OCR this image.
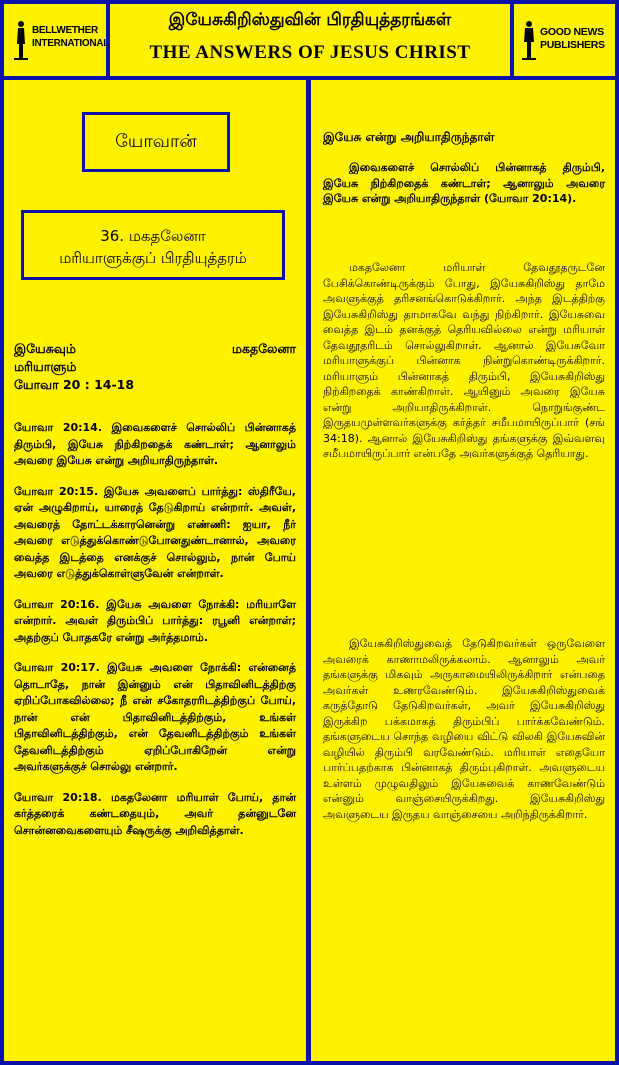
BELLWETHER
INTERNATIONAL
இயேசுகிறிஸ்துவின் பிரதியுத்தரங்கள்
THE ANSWERS OF JESUS CHRIST
GOOD NEWS
PUBLISHERS
யோவான்
36. மகதலேனா
மரியாளுக்குப் பிரதியுத்தரம்
இயேசுவும்	மகதலேனா
மரியாளும்
யோவா 20 : 14-18

யோவா 20:14. இவைகளைச் சொல்லிப் பின்னாகத் திரும்பி, இயேசு நிற்கிறதைக் கண்டாள்; ஆனாலும் அவரை இயேசு என்று அறியாதிருந்தாள்.

யோவா 20:15. இயேசு அவளைப் பார்த்து: ஸ்திரீயே, ஏன் அழுகிறாய், யாரைத் தேடுகிறாய் என்றார். அவள், அவரைத் தோட்டக்காரனென்று எண்ணி: ஐயா, நீர் அவரை எடுத்துக்கொண்டுபோனதுண்டானால், அவரை வைத்த இடத்தை எனக்குச் சொல்லும், நான் போய் அவரை எடுத்துக்கொள்ளுவேன் என்றாள்.

யோவா 20:16. இயேசு அவளை நோக்கி: மரியாளே என்றார். அவள் திரும்பிப் பார்த்து: ரபூனி என்றாள்; அதற்குப் போதகரே என்று அர்த்தமாம்.

யோவா 20:17. இயேசு அவளை நோக்கி: என்னைத் தொடாதே, நான் இன்னும் என் பிதாவினிடத்திற்கு ஏறிப்போகவில்லை; நீ என் சகோதரரிடத்திற்குப் போய், நான் என் பிதாவினிடத்திற்கும், உங்கள் பிதாவினிடத்திற்கும், என் தேவனிடத்திற்கும் உங்கள் தேவனிடத்திற்கும் ஏறிப்போகிறேன் என்று அவர்களுக்குச் சொல்லு என்றார்.

யோவா 20:18. மகதலேனா மரியாள் போய், தான் கர்த்தரைக் கண்டதையும், அவர் தன்னுடனே சொன்னவைகளையும் சீஷருக்கு அறிவித்தாள்.

இயேசு என்று அறியாதிருந்தாள்
இவைகளைச் சொல்லிப் பின்னாகத் திரும்பி, இயேசு நிற்கிறதைக் கண்டாள்; ஆனாலும் அவரை இயேசு என்று அறியாதிருந்தாள் (யோவா 20:14).
மகதலேனா மரியாள் தேவதூதருடனே பேசிக்கொண்டிருக்கும் போது, இயேசுகிறிஸ்து தாமே அவளுக்குத் தரிசனங்கொடுக்கிறார். அந்த இடத்திற்கு இயேசுகிறிஸ்து தாமாகவே வந்து நிற்கிறார். இயேசுவை வைத்த இடம் தனக்குத் தெரியவில்லை என்று மரியாள் தேவதூதரிடம் சொல்லுகிறாள். ஆனால் இயேசுவோ மரியாளுக்குப் பின்னாக நின்றுகொண்டிருக்கிறார். மரியாளும் பின்னாகத் திரும்பி, இயேசுகிறிஸ்து நிற்கிறதைக் காண்கிறாள். ஆயினும் அவரை இயேசு என்று அறியாதிருக்கிறாள். நொறுங்குண்ட இருதயமுள்ளவர்களுக்கு கர்த்தர் சமீபமாயிருப்பார் (சங் 34:18). ஆனால் இயேசுகிறிஸ்து தங்களுக்கு இவ்வளவு சமீபமாயிருப்பார் என்பதே அவர்களுக்குத் தெரியாது.
இயேசுகிறிஸ்துவைத் தேடுகிறவர்கள் ஒருவேளை அவரைக் காணாமலிருக்கலாம். ஆனாலும் அவர் தங்களுக்கு மிகவும் அருகாமையிலிருக்கிறார் என்பதை அவர்கள் உணரவேண்டும். இயேசுகிறிஸ்துவைக் கருத்தோடு தேடுகிறவர்கள், அவர் இயேசுகிறிஸ்து இருக்கிற பக்கமாகத் திரும்பிப் பார்க்கவேண்டும். தங்களுடைய சொந்த வழியை விட்டு விலகி இயேசுவின் வழியில் திரும்பி வரவேண்டும். மரியாள் எதையோ பார்ப்பதற்காக பின்னாகத் திரும்புகிறாள். அவளுடைய உள்ளம் முழுவதிலும் இயேசுவைக் காணவேண்டும் என்னும் வாஞ்சையிருக்கிறது. இயேசுகிறிஸ்து அவளுடைய இருதய வாஞ்சையை அறிந்திருக்கிறார்.
